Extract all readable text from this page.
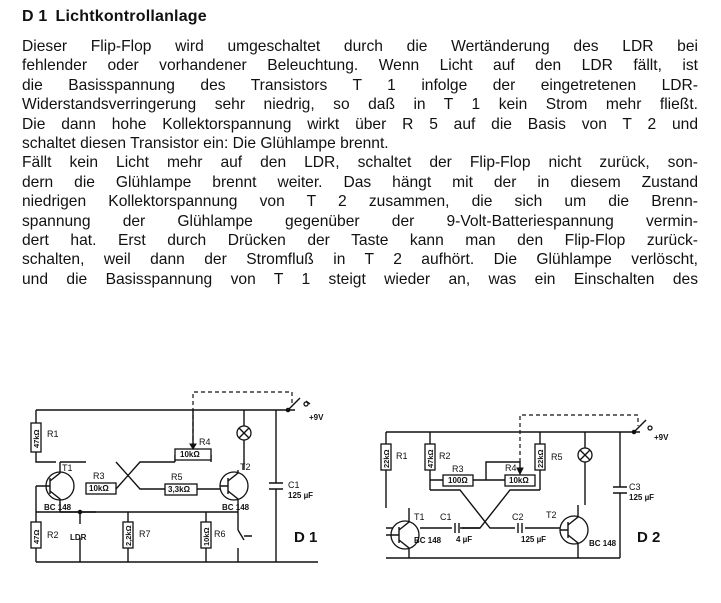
D 1 Lichtkontrollanlage
Dieser Flip-Flop wird umgeschaltet durch die Wertänderung des LDR bei
fehlender oder vorhandener Beleuchtung. Wenn Licht auf den LDR fällt, ist
die Basisspannung des Transistors T 1 infolge der eingetretenen LDR-
Widerstandsverringerung sehr niedrig, so daß in T 1 kein Strom mehr fließt.
Die dann hohe Kollektorspannung wirkt über R 5 auf die Basis von T 2 und
schaltet diesen Transistor ein: Die Glühlampe brennt.
Fällt kein Licht mehr auf den LDR, schaltet der Flip-Flop nicht zurück, son-
dern die Glühlampe brennt weiter. Das hängt mit der in diesem Zustand
niedrigen Kollektorspannung von T 2 zusammen, die sich um die Brenn-
spannung der Glühlampe gegenüber der 9-Volt-Batteriespannung vermin-
dert hat. Erst durch Drücken der Taste kann man den Flip-Flop zurück-
schalten, weil dann der Stromfluß in T 2 aufhört. Die Glühlampe verlöscht,
und die Basisspannung von T 1 steigt wieder an, was ein Einschalten des
+9V
47kΩ R1
T1
BC 148
47Ω R2 LDR
10kΩ
R3
10kΩ
R4
3,3kΩ
R5
T2
BC 148
2,2kΩ R7	10kΩ R6
C1
125 µF
D 1
+9V
22kΩ R1 47kΩ R2
100Ω
R3
10kΩ
R4	22kΩ R5
C1
4 µF
C2
125 µF
T1
BC 148
T2
BC 148
C3
125 µF
D 2
